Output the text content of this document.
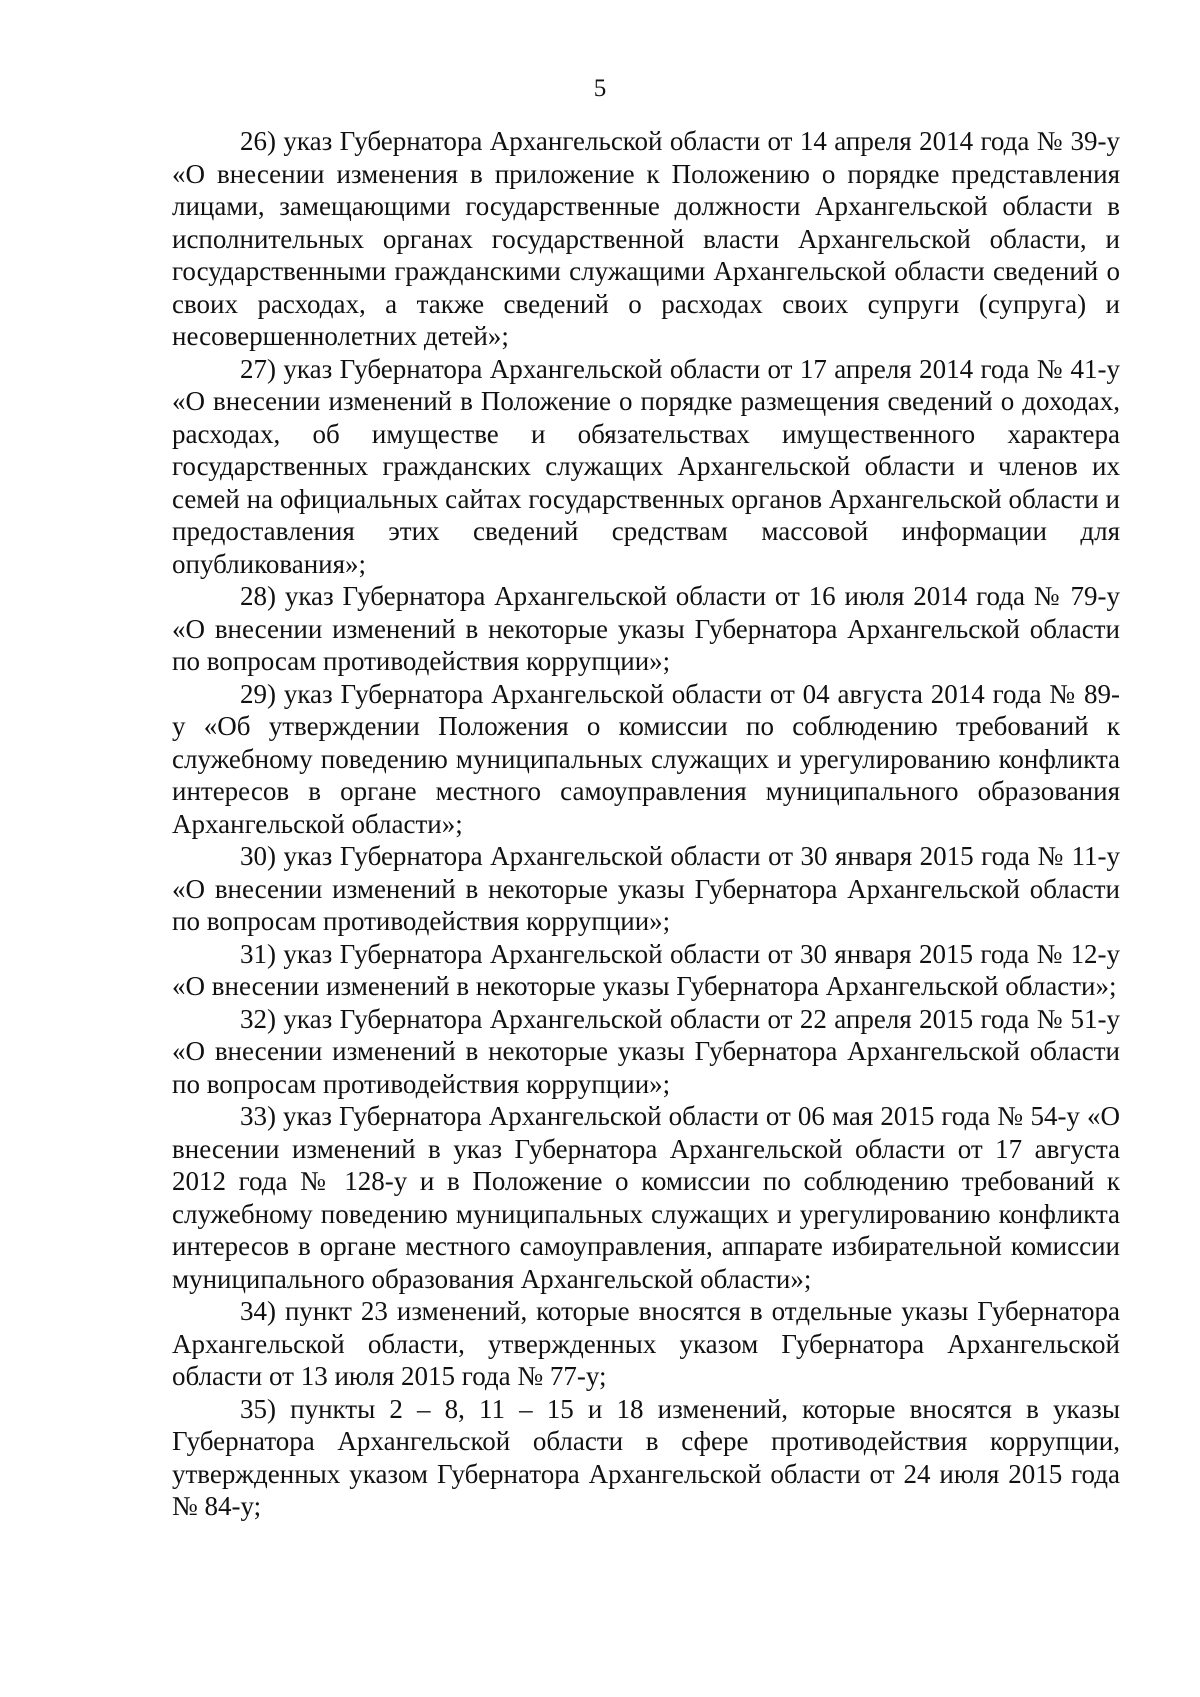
5

26) указ Губернатора Архангельской области от 14 апреля 2014 года № 39-у «О внесении изменения в приложение к Положению о порядке представления лицами, замещающими государственные должности Архангельской области в исполнительных органах государственной власти Архангельской области, и государственными гражданскими служащими Архангельской области сведений о своих расходах, а также сведений о расходах своих супруги (супруга) и несовершеннолетних детей»;

27) указ Губернатора Архангельской области от 17 апреля 2014 года № 41-у «О внесении изменений в Положение о порядке размещения сведений о доходах, расходах, об имуществе и обязательствах имущественного характера государственных гражданских служащих Архангельской области и членов их семей на официальных сайтах государственных органов Архангельской области и предоставления этих сведений средствам массовой информации для опубликования»;

28) указ Губернатора Архангельской области от 16 июля 2014 года № 79-у «О внесении изменений в некоторые указы Губернатора Архангельской области по вопросам противодействия коррупции»;

29) указ Губернатора Архангельской области от 04 августа 2014 года № 89-у «Об утверждении Положения о комиссии по соблюдению требований к служебному поведению муниципальных служащих и урегулированию конфликта интересов в органе местного самоуправления муниципального образования Архангельской области»;

30) указ Губернатора Архангельской области от 30 января 2015 года № 11-у «О внесении изменений в некоторые указы Губернатора Архангельской области по вопросам противодействия коррупции»;

31) указ Губернатора Архангельской области от 30 января 2015 года № 12-у «О внесении изменений в некоторые указы Губернатора Архангельской области»;

32) указ Губернатора Архангельской области от 22 апреля 2015 года № 51-у «О внесении изменений в некоторые указы Губернатора Архангельской области по вопросам противодействия коррупции»;

33) указ Губернатора Архангельской области от 06 мая 2015 года № 54-у «О внесении изменений в указ Губернатора Архангельской области от 17 августа 2012 года № 128-у и в Положение о комиссии по соблюдению требований к служебному поведению муниципальных служащих и урегулированию конфликта интересов в органе местного самоуправления, аппарате избирательной комиссии муниципального образования Архангельской области»;

34) пункт 23 изменений, которые вносятся в отдельные указы Губернатора Архангельской области, утвержденных указом Губернатора Архангельской области от 13 июля 2015 года № 77-у;

35) пункты 2 – 8, 11 – 15 и 18 изменений, которые вносятся в указы Губернатора Архангельской области в сфере противодействия коррупции, утвержденных указом Губернатора Архангельской области от 24 июля 2015 года № 84-у;
